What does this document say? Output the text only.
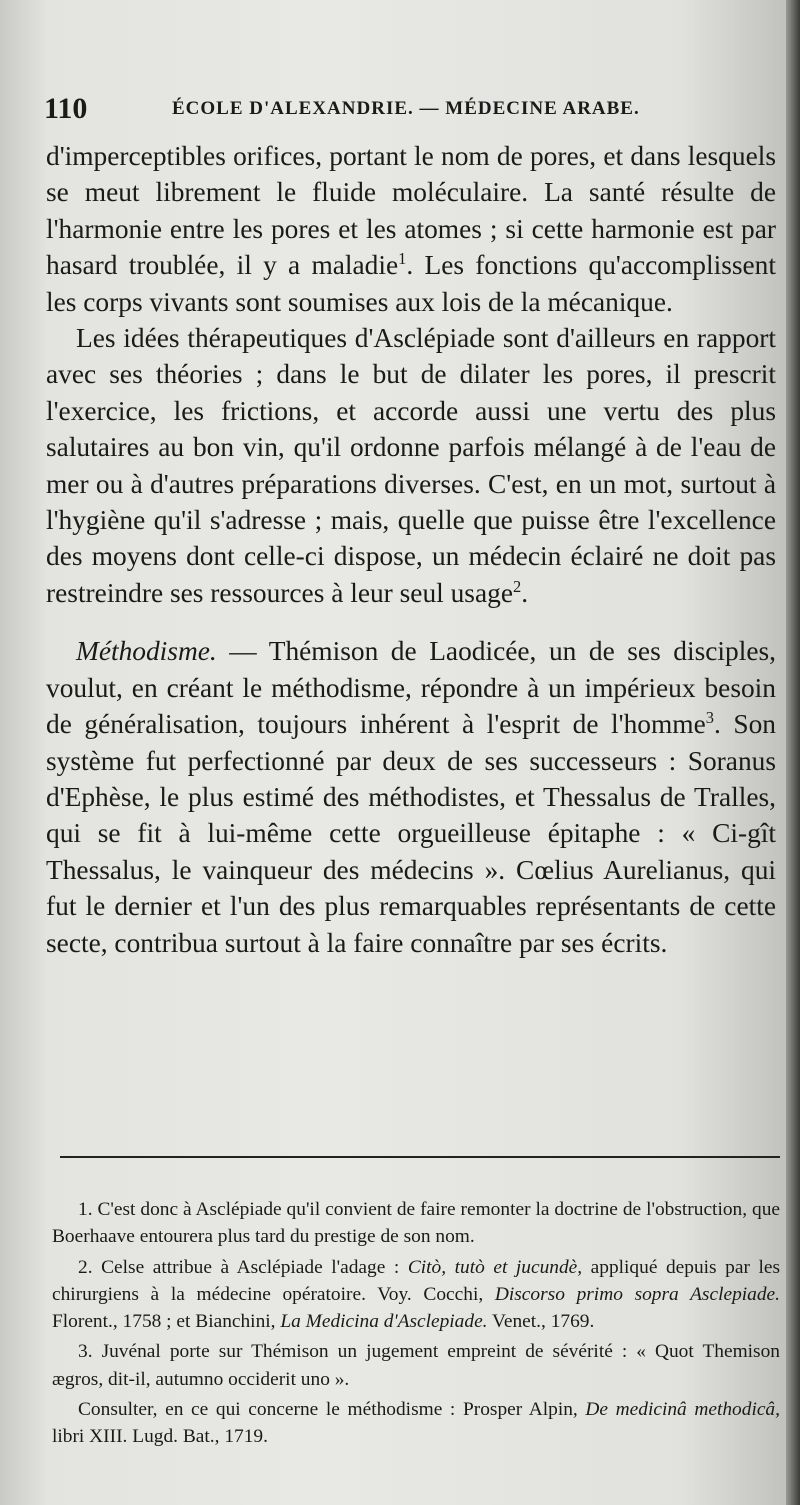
110	ÉCOLE D'ALEXANDRIE. — MÉDECINE ARABE.

d'imperceptibles orifices, portant le nom de pores, et dans lesquels se meut librement le fluide moléculaire. La santé résulte de l'harmonie entre les pores et les atomes ; si cette harmonie est par hasard troublée, il y a maladie$^1$. Les fonctions qu'accomplissent les corps vivants sont soumises aux lois de la mécanique.

Les idées thérapeutiques d'Asclépiade sont d'ailleurs en rapport avec ses théories ; dans le but de dilater les pores, il prescrit l'exercice, les frictions, et accorde aussi une vertu des plus salutaires au bon vin, qu'il ordonne parfois mélangé à de l'eau de mer ou à d'autres préparations diverses. C'est, en un mot, surtout à l'hygiène qu'il s'adresse ; mais, quelle que puisse être l'excellence des moyens dont celle-ci dispose, un médecin éclairé ne doit pas restreindre ses ressources à leur seul usage$^2$.

Méthodisme. — Thémison de Laodicée, un de ses disciples, voulut, en créant le méthodisme, répondre à un impérieux besoin de généralisation, toujours inhérent à l'esprit de l'homme$^3$. Son système fut perfectionné par deux de ses successeurs : Soranus d'Ephèse, le plus estimé des méthodistes, et Thessalus de Tralles, qui se fit à lui-même cette orgueilleuse épitaphe : « Ci-gît Thessalus, le vainqueur des médecins ». Cœlius Aurelianus, qui fut le dernier et l'un des plus remarquables représentants de cette secte, contribua surtout à la faire connaître par ses écrits.

1. C'est donc à Asclépiade qu'il convient de faire remonter la doctrine de l'obstruction, que Boerhaave entourera plus tard du prestige de son nom.

2. Celse attribue à Asclépiade l'adage : Citò, tutò et jucundè, appliqué depuis par les chirurgiens à la médecine opératoire. Voy. Cocchi, Discorso primo sopra Asclepiade. Florent., 1758 ; et Bianchini, La Medicina d'Asclepiade. Venet., 1769.

3. Juvénal porte sur Thémison un jugement empreint de sévérité : « Quot Themison ægros, dit-il, autumno occiderit uno ».

Consulter, en ce qui concerne le méthodisme : Prosper Alpin, De medicinâ methodicâ, libri XIII. Lugd. Bat., 1719.
